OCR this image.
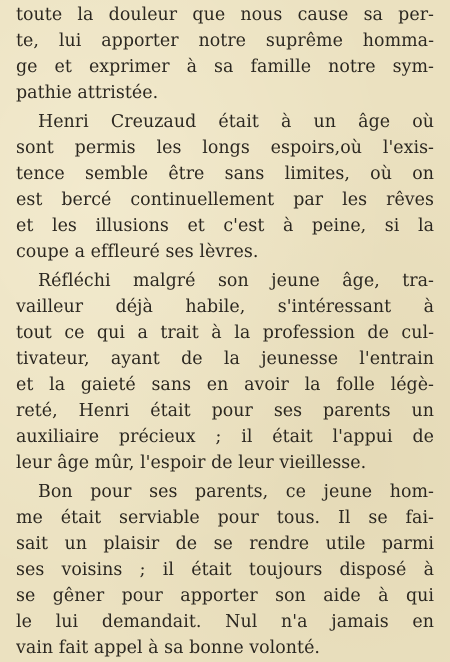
toute la douleur que nous cause sa per-
te, lui apporter notre suprême hommа-
ge et exprimer à sa famille notre sym-
pathie attristée.
Henri Creuzaud était à un âge où
sont permis les longs espoirs,où l'exis-
tence semble être sans limites, où on
est bercé continuellement par les rêves
et les illusions et c'est à peine, si la
coupe a effleuré ses lèvres.
Réfléchi malgré son jeune âge, tra-
vailleur déjà habile, s'intéressant à
tout ce qui a trait à la profession de cul-
tivateur, ayant de la jeunesse l'entrain
et la gaieté sans en avoir la folle légè-
reté, Henri était pour ses parents un
auxiliaire précieux ; il était l'appui de
leur âge mûr, l'espoir de leur vieillesse.
Bon pour ses parents, ce jeune hom-
me était serviable pour tous. Il se fai-
sait un plaisir de se rendre utile parmi
ses voisins ; il était toujours disposé à
se gêner pour apporter son aide à qui
le lui demandait. Nul n'a jamais en
vain fait appel à sa bonne volonté.
